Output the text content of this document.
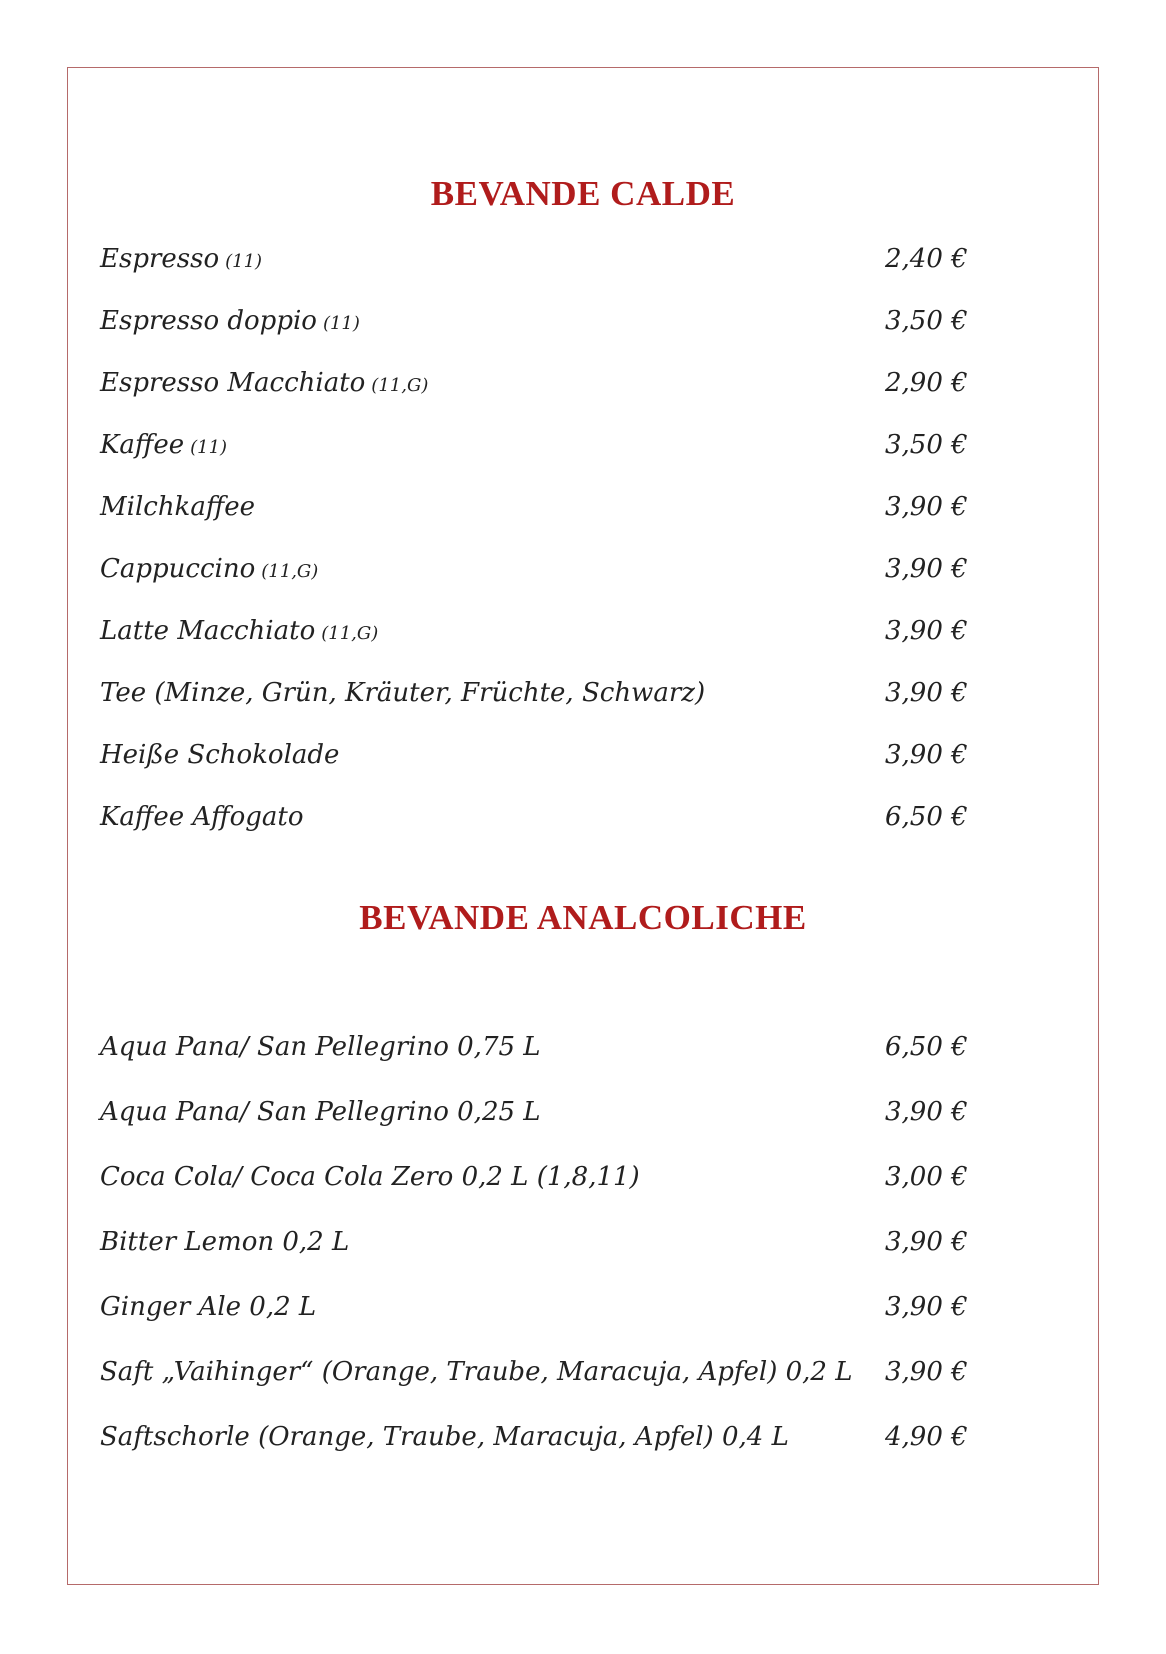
BEVANDE CALDE
Espresso (11)	2,40 €
Espresso doppio (11)	3,50 €
Espresso Macchiato (11,G)	2,90 €
Kaffee (11)	3,50 €
Milchkaffee	3,90 €
Cappuccino (11,G)	3,90 €
Latte Macchiato (11,G)	3,90 €
Tee (Minze, Grün, Kräuter, Früchte, Schwarz)	3,90 €
Heiße Schokolade	3,90 €
Kaffee Affogato	6,50 €
BEVANDE ANALCOLICHE
Aqua Pana/ San Pellegrino 0,75 L	6,50 €
Aqua Pana/ San Pellegrino 0,25 L	3,90 €
Coca Cola/ Coca Cola Zero 0,2 L (1,8,11)	3,00 €
Bitter Lemon 0,2 L	3,90 €
Ginger Ale 0,2 L	3,90 €
Saft „Vaihinger“ (Orange, Traube, Maracuja, Apfel) 0,2 L 3,90 €
Saftschorle (Orange, Traube, Maracuja, Apfel) 0,4 L	4,90 €
